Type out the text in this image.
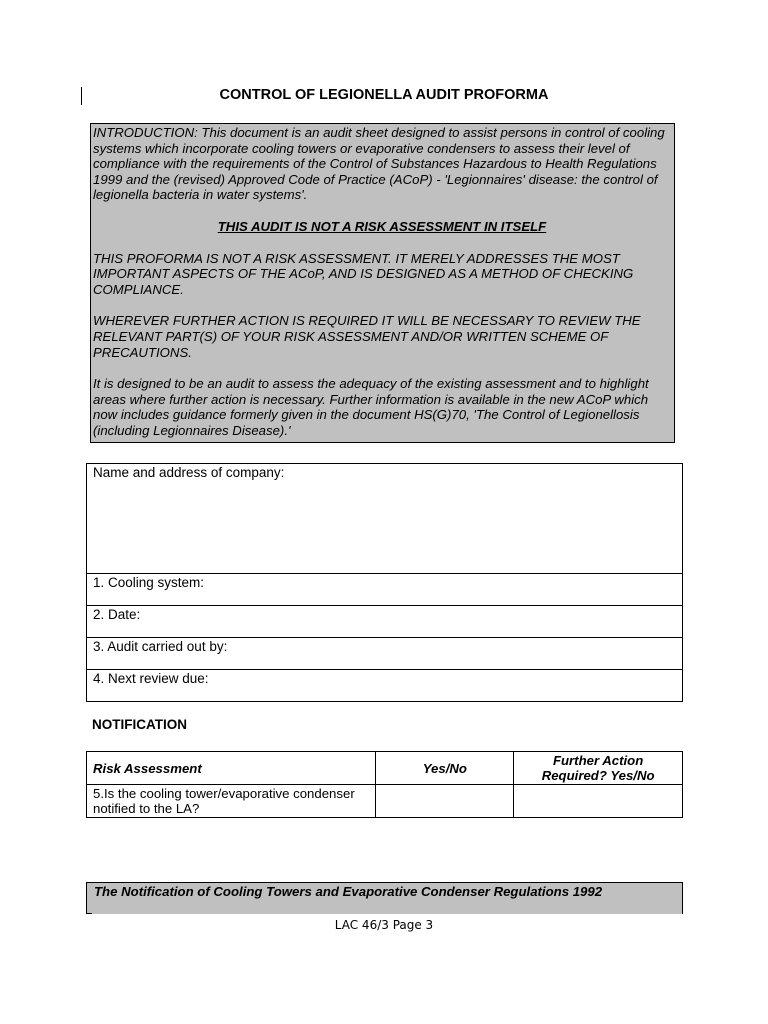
CONTROL OF LEGIONELLA AUDIT PROFORMA

INTRODUCTION: This document is an audit sheet designed to assist persons in control of cooling systems which incorporate cooling towers or evaporative condensers to assess their level of compliance with the requirements of the Control of Substances Hazardous to Health Regulations 1999 and the (revised) Approved Code of Practice (ACoP) - 'Legionnaires' disease: the control of legionella bacteria in water systems'.

THIS AUDIT IS NOT A RISK ASSESSMENT IN ITSELF

THIS PROFORMA IS NOT A RISK ASSESSMENT. IT MERELY ADDRESSES THE MOST IMPORTANT ASPECTS OF THE ACoP, AND IS DESIGNED AS A METHOD OF CHECKING COMPLIANCE.

WHEREVER FURTHER ACTION IS REQUIRED IT WILL BE NECESSARY TO REVIEW THE RELEVANT PART(S) OF YOUR RISK ASSESSMENT AND/OR WRITTEN SCHEME OF PRECAUTIONS.

It is designed to be an audit to assess the adequacy of the existing assessment and to highlight areas where further action is necessary. Further information is available in the new ACoP which now includes guidance formerly given in the document HS(G)70, 'The Control of Legionellosis (including Legionnaires Disease).'

Name and address of company:
1. Cooling system:
2. Date:
3. Audit carried out by:
4. Next review due:
NOTIFICATION
Risk Assessment	Yes/No	Further Action Required? Yes/No
5.Is the cooling tower/evaporative condenser notified to the LA?		
The Notification of Cooling Towers and Evaporative Condenser Regulations 1992
LAC 46/3 Page 3
